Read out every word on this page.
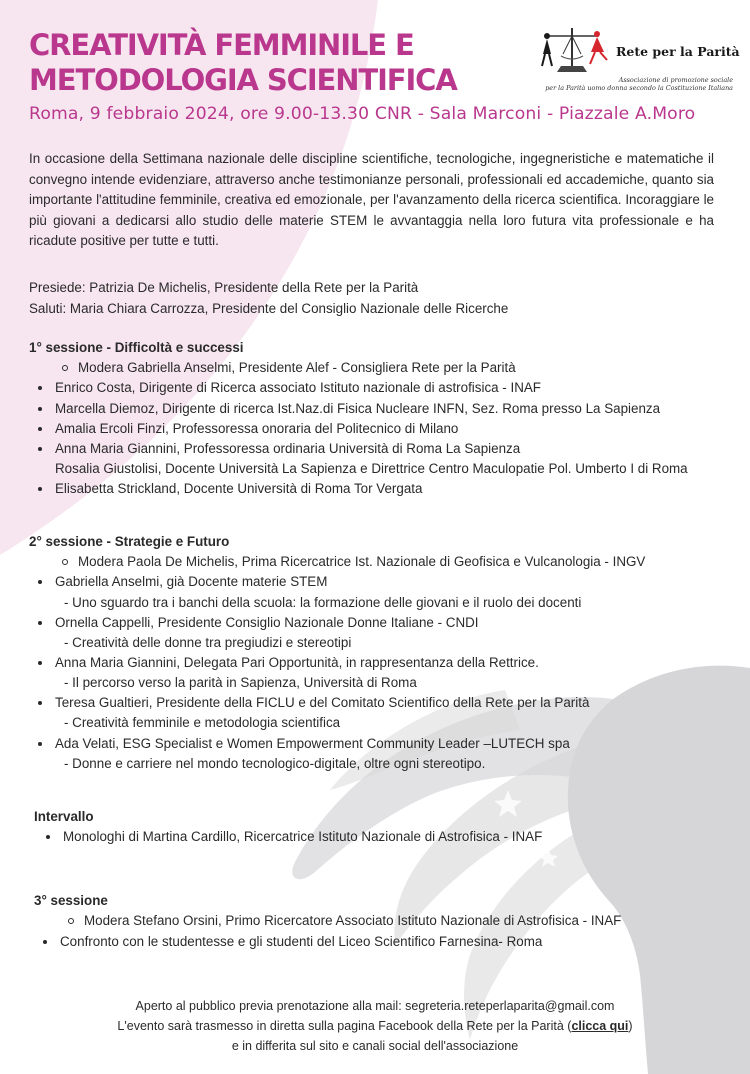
CREATIVITÀ FEMMINILE E
METODOLOGIA SCIENTIFICA
Roma, 9 febbraio 2024, ore 9.00-13.30 CNR - Sala Marconi - Piazzale A.Moro
Rete per la Parità
Associazione di promozione sociale
per la Parità uomo donna secondo la Costituzione Italiana

In occasione della Settimana nazionale delle discipline scientifiche, tecnologiche, ingegneristiche e matematiche il convegno intende evidenziare, attraverso anche testimonianze personali, professionali ed accademiche, quanto sia importante l'attitudine femminile, creativa ed emozionale, per l'avanzamento della ricerca scientifica. Incoraggiare le più giovani a dedicarsi allo studio delle materie STEM le avvantaggia nella loro futura vita professionale e ha ricadute positive per tutte e tutti.

Presiede: Patrizia De Michelis, Presidente della Rete per la Parità
Saluti: Maria Chiara Carrozza, Presidente del Consiglio Nazionale delle Ricerche
1° sessione - Difficoltà e successi
Modera Gabriella Anselmi, Presidente Alef - Consigliera Rete per la Parità
Enrico Costa, Dirigente di Ricerca associato Istituto nazionale di astrofisica - INAF
Marcella Diemoz, Dirigente di ricerca Ist.Naz.di Fisica Nucleare INFN, Sez. Roma presso La Sapienza
Amalia Ercoli Finzi, Professoressa onoraria del Politecnico di Milano
Anna Maria Giannini, Professoressa ordinaria Università di Roma La Sapienza
Rosalia Giustolisi, Docente Università La Sapienza e Direttrice Centro Maculopatie Pol. Umberto I di Roma
Elisabetta Strickland, Docente Università di Roma Tor Vergata
2° sessione - Strategie e Futuro
Modera Paola De Michelis, Prima Ricercatrice Ist. Nazionale di Geofisica e Vulcanologia - INGV
Gabriella Anselmi, già Docente materie STEM
- Uno sguardo tra i banchi della scuola: la formazione delle giovani e il ruolo dei docenti
Ornella Cappelli, Presidente Consiglio Nazionale Donne Italiane - CNDI
- Creatività delle donne tra pregiudizi e stereotipi
Anna Maria Giannini, Delegata Pari Opportunità, in rappresentanza della Rettrice.
- Il percorso verso la parità in Sapienza, Università di Roma
Teresa Gualtieri, Presidente della FICLU e del Comitato Scientifico della Rete per la Parità
- Creatività femminile e metodologia scientifica
Ada Velati, ESG Specialist e Women Empowerment Community Leader –LUTECH spa
- Donne e carriere nel mondo tecnologico-digitale, oltre ogni stereotipo.
Intervallo
Monologhi di Martina Cardillo, Ricercatrice Istituto Nazionale di Astrofisica - INAF
3° sessione
Modera Stefano Orsini, Primo Ricercatore Associato Istituto Nazionale di Astrofisica - INAF
Confronto con le studentesse e gli studenti del Liceo Scientifico Farnesina- Roma
Aperto al pubblico previa prenotazione alla mail: segreteria.reteperlaparita@gmail.com
L'evento sarà trasmesso in diretta sulla pagina Facebook della Rete per la Parità (clicca qui)
e in differita sul sito e canali social dell'associazione
